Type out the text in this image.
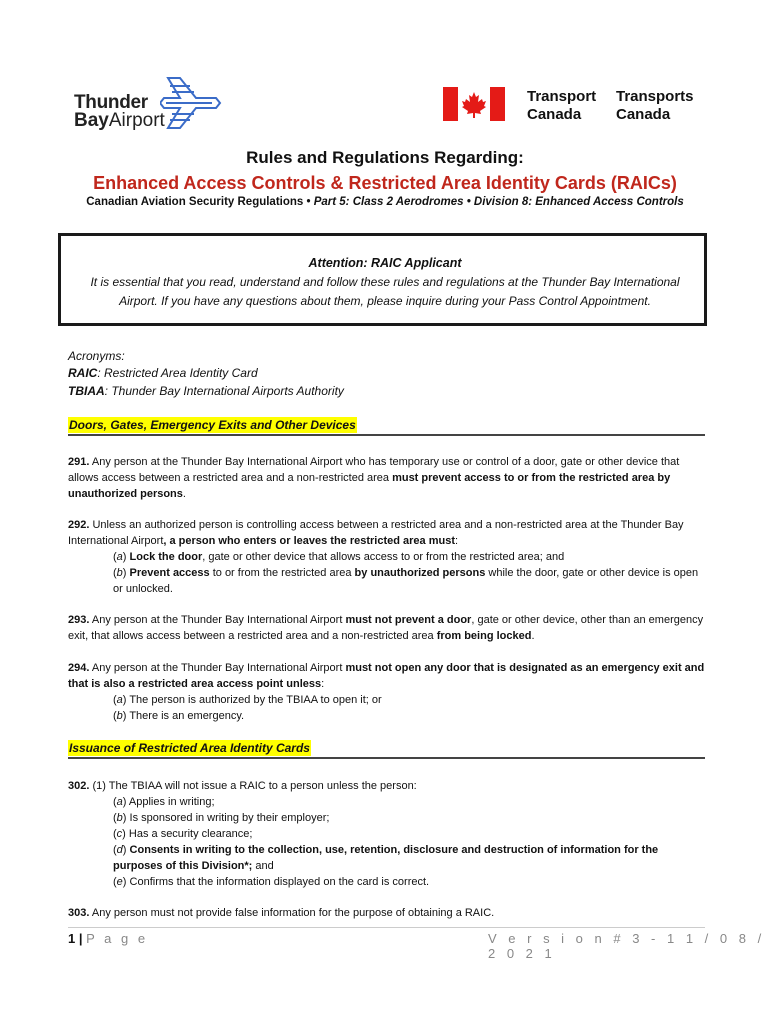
Thunder
BayAirport
Transport
Canada
Transports
Canada
Rules and Regulations Regarding:
Enhanced Access Controls & Restricted Area Identity Cards (RAICs)
Canadian Aviation Security Regulations • Part 5: Class 2 Aerodromes • Division 8: Enhanced Access Controls
Attention: RAIC Applicant
It is essential that you read, understand and follow these rules and regulations at the Thunder Bay International Airport. If you have any questions about them, please inquire during your Pass Control Appointment.
Acronyms:
RAIC: Restricted Area Identity Card
TBIAA: Thunder Bay International Airports Authority
Doors, Gates, Emergency Exits and Other Devices
291. Any person at the Thunder Bay International Airport who has temporary use or control of a door, gate or other device that allows access between a restricted area and a non-restricted area must prevent access to or from the restricted area by unauthorized persons.
292. Unless an authorized person is controlling access between a restricted area and a non-restricted area at the Thunder Bay International Airport, a person who enters or leaves the restricted area must:
(a) Lock the door, gate or other device that allows access to or from the restricted area; and
(b) Prevent access to or from the restricted area by unauthorized persons while the door, gate or other device is open or unlocked.
293. Any person at the Thunder Bay International Airport must not prevent a door, gate or other device, other than an emergency exit, that allows access between a restricted area and a non-restricted area from being locked.
294. Any person at the Thunder Bay International Airport must not open any door that is designated as an emergency exit and that is also a restricted area access point unless:
(a) The person is authorized by the TBIAA to open it; or
(b) There is an emergency.
Issuance of Restricted Area Identity Cards
302. (1) The TBIAA will not issue a RAIC to a person unless the person:
(a) Applies in writing;
(b) Is sponsored in writing by their employer;
(c) Has a security clearance;
(d) Consents in writing to the collection, use, retention, disclosure and destruction of information for the purposes of this Division*; and
(e) Confirms that the information displayed on the card is correct.
303. Any person must not provide false information for the purpose of obtaining a RAIC.
1 | P a g e	V e r s i o n # 3 - 1 1 / 0 8 / 2 0 2 1
